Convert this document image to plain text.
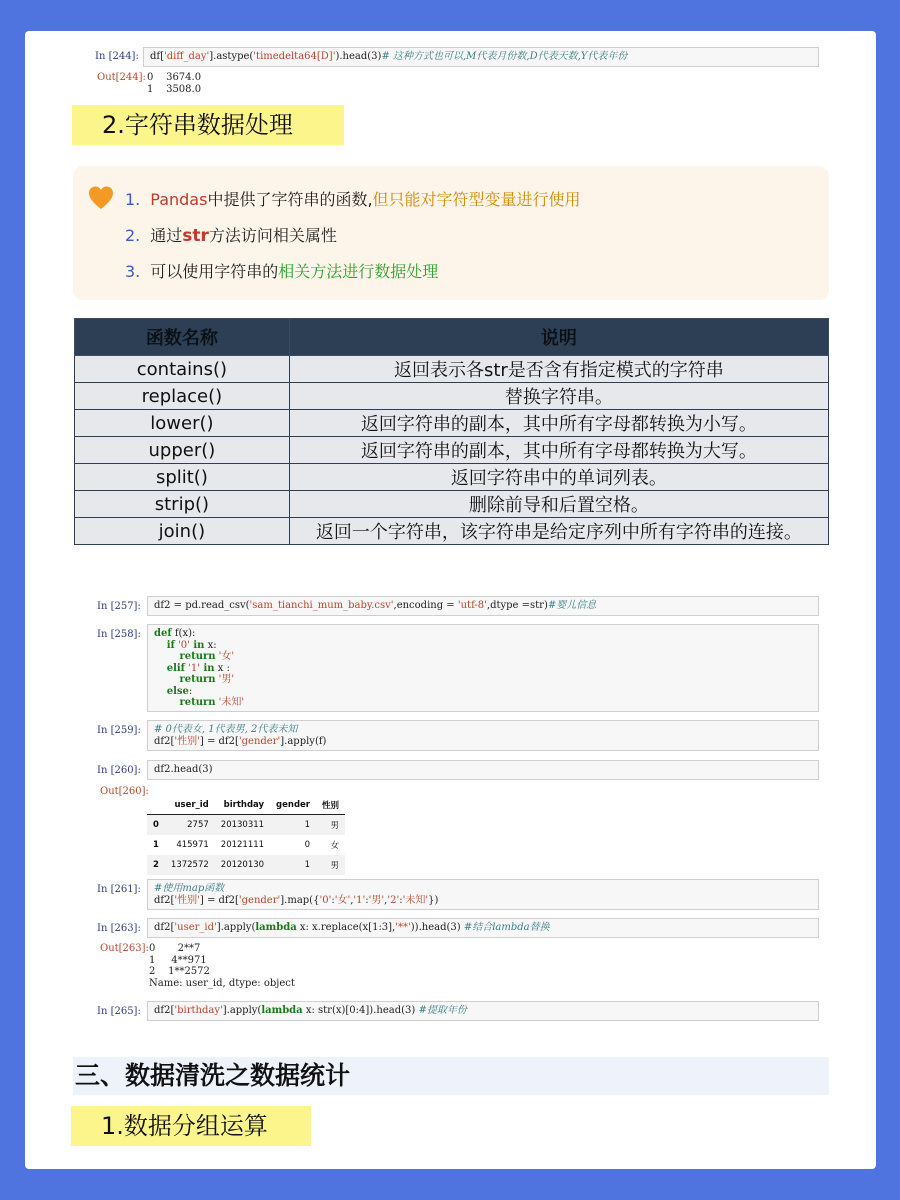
In [244]:	df['diff_day'].astype('timedelta64[D]').head(3)# 这种方式也可以,M代表月份数,D代表天数,Y代表年份
Out[244]: 0    3674.0
1    3508.0
2.字符串数据处理
1. Pandas中提供了字符串的函数,但只能对字符型变量进行使用
2. 通过str方法访问相关属性
3. 可以使用字符串的相关方法进行数据处理
函数名称	说明
contains()	返回表示各str是否含有指定模式的字符串
replace()	替换字符串。
lower()	返回字符串的副本，其中所有字母都转换为小写。
upper()	返回字符串的副本，其中所有字母都转换为大写。
split()	返回字符串中的单词列表。
strip()	删除前导和后置空格。
join()	返回一个字符串，该字符串是给定序列中所有字符串的连接。
In [257]:	df2 = pd.read_csv('sam_tianchi_mum_baby.csv',encoding = 'utf-8',dtype =str)#婴儿信息
In [258]: def f(x):
if '0' in x:
return '女'
elif '1' in x :
return '男'
else:
return '未知'
In [259]: # 0代表女, 1代表男, 2代表未知
df2['性别'] = df2['gender'].apply(f)
In [260]:	df2.head(3)
Out[260]:
	user_id	birthday	gender	性别
0	2757	20130311	1	男
1	415971	20121111	0	女
2	1372572	20120130	1	男
In [261]: #使用map函数
df2['性别'] = df2['gender'].map({'0':'女','1':'男','2':'未知'})
In [263]:	df2['user_id'].apply(lambda x: x.replace(x[1:3],'**')).head(3) #结合lambda替换
Out[263]: 0       2**7
1     4**971
2    1**2572
Name: user_id, dtype: object
In [265]:	df2['birthday'].apply(lambda x: str(x)[0:4]).head(3) #提取年份
三、数据清洗之数据统计
1.数据分组运算
